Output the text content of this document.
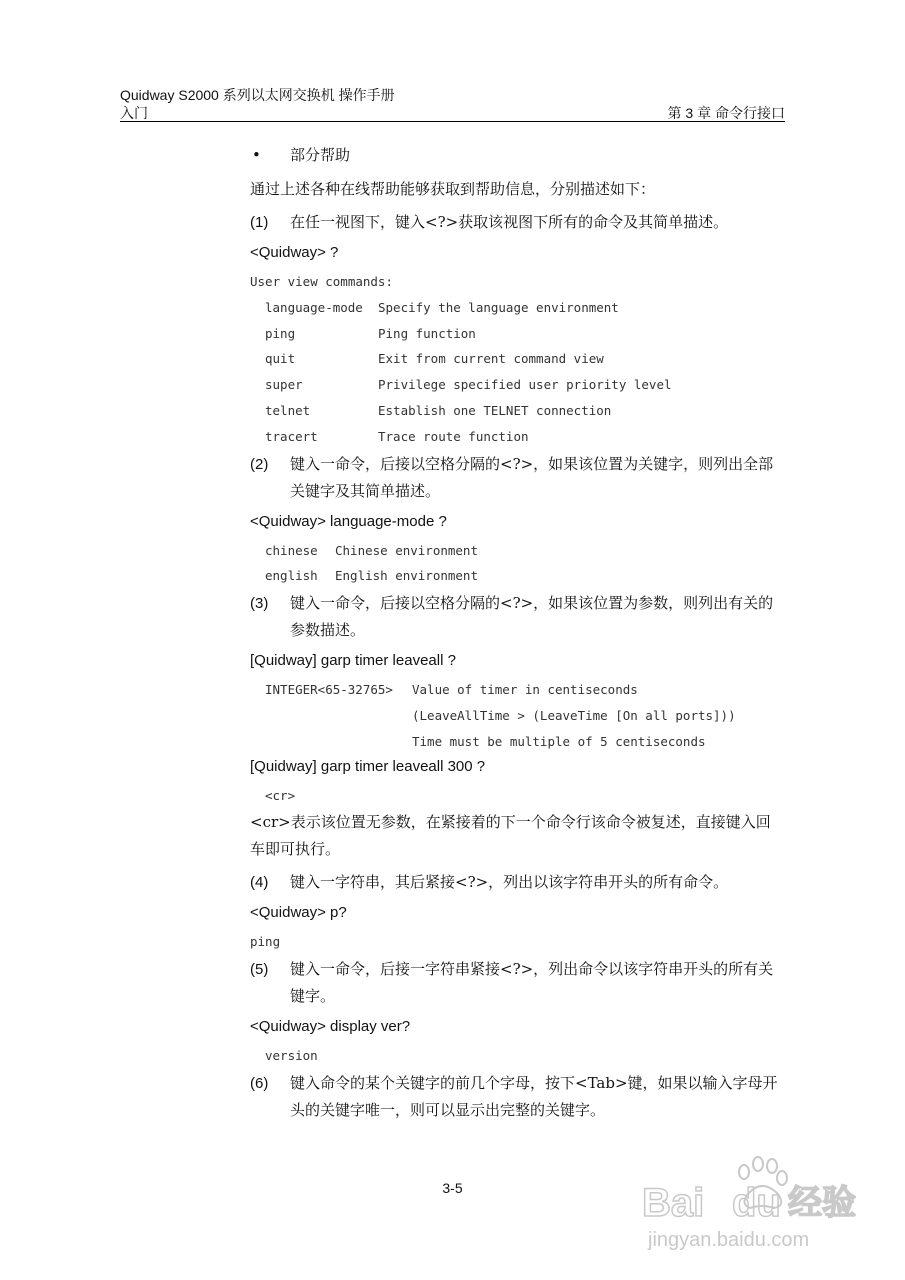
Quidway S2000 系列以太网交换机 操作手册
入门	第 3 章 命令行接口
•	部分帮助
通过上述各种在线帮助能够获取到帮助信息，分别描述如下：
(1)	在任一视图下，键入<?>获取该视图下所有的命令及其简单描述。
<Quidway> ?
User view commands:
language-mode Specify the language environment
ping	Ping function
quit	Exit from current command view
super	Privilege specified user priority level
telnet	Establish one TELNET connection
tracert	Trace route function
(2)	键入一命令，后接以空格分隔的<?>，如果该位置为关键字，则列出全部关键字及其简单描述。
<Quidway> language-mode ?
chinese Chinese environment
english English environment
(3)	键入一命令，后接以空格分隔的<?>，如果该位置为参数，则列出有关的参数描述。
[Quidway] garp timer leaveall ?
INTEGER<65-32765> Value of timer in centiseconds
(LeaveAllTime > (LeaveTime [On all ports]))
Time must be multiple of 5 centiseconds
[Quidway] garp timer leaveall 300 ?
<cr>
<cr>表示该位置无参数，在紧接着的下一个命令行该命令被复述，直接键入回车即可执行。
(4)	键入一字符串，其后紧接<?>，列出以该字符串开头的所有命令。
<Quidway> p?
ping
(5)	键入一命令，后接一字符串紧接<?>，列出命令以该字符串开头的所有关键字。
<Quidway> display ver?
version
(6)	键入命令的某个关键字的前几个字母，按下<Tab>键，如果以输入字母开头的关键字唯一，则可以显示出完整的关键字。
3-5	Bai du 经验
jingyan.baidu.com
